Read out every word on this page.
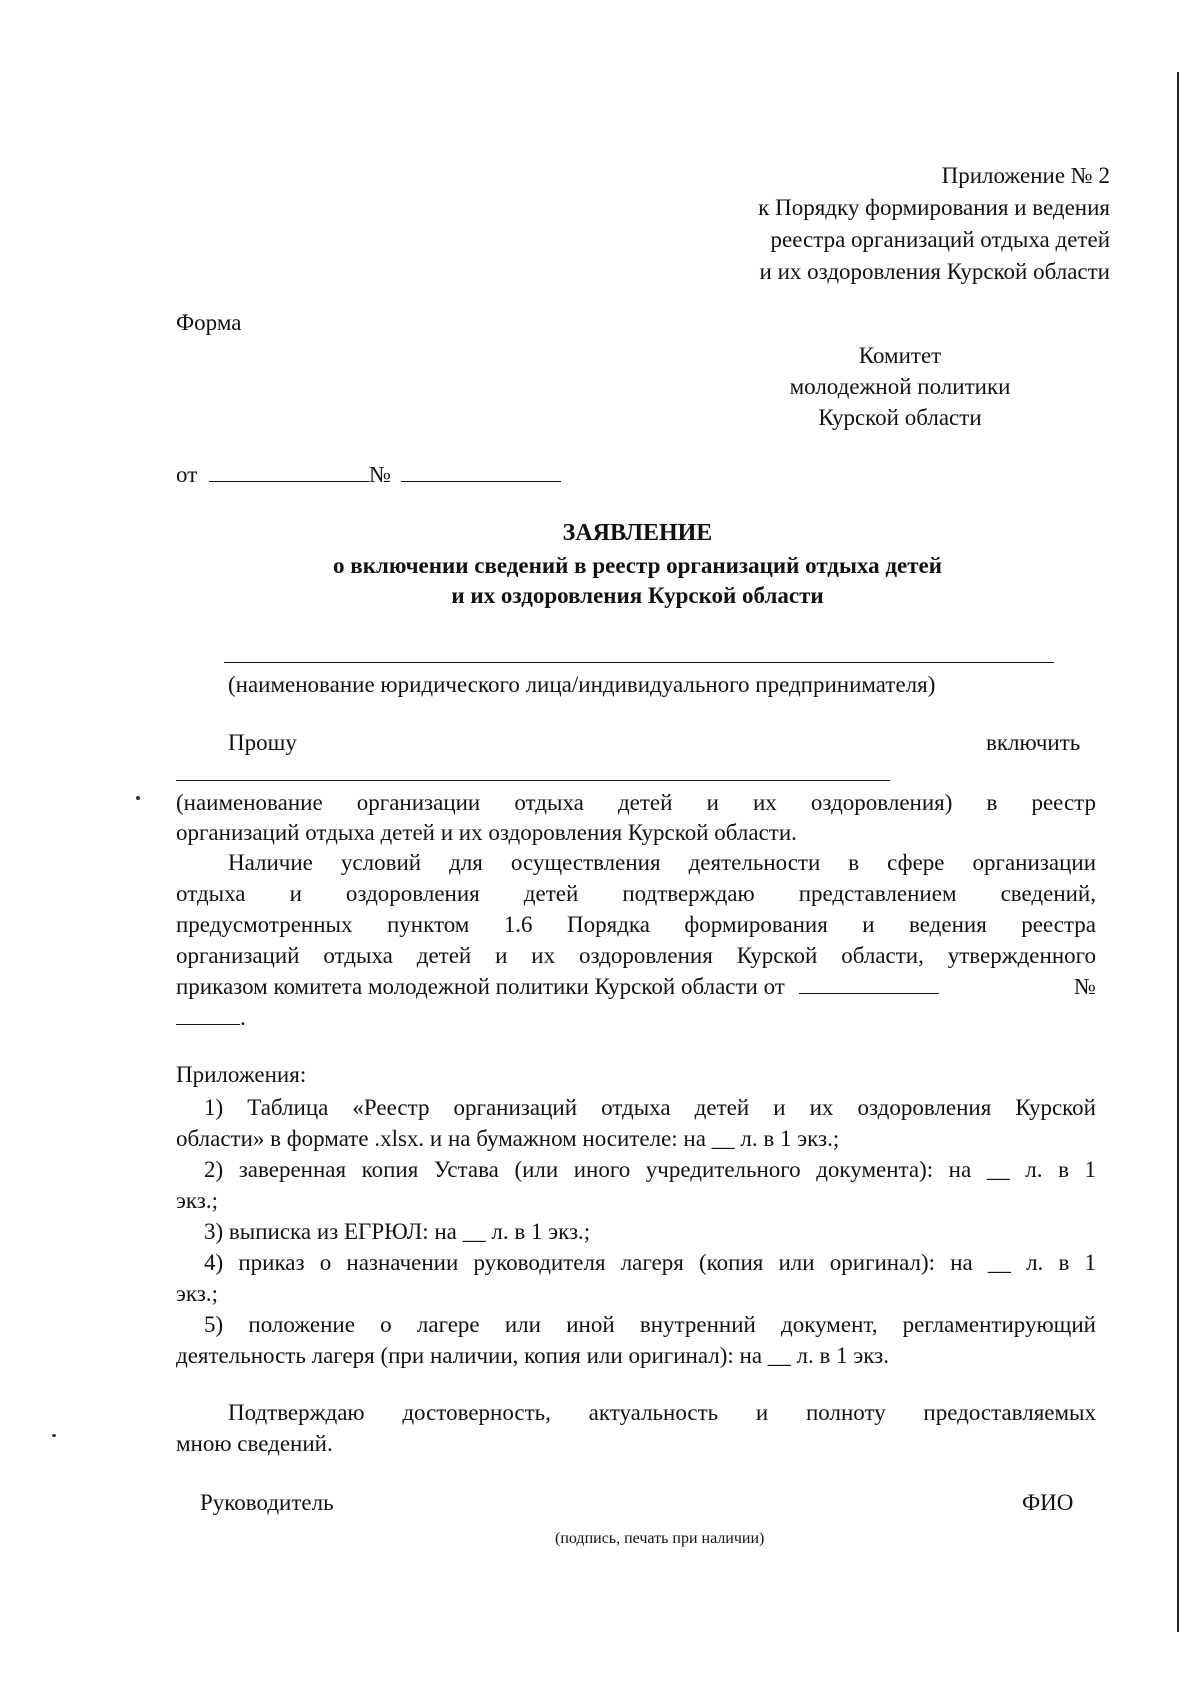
Приложение № 2
к Порядку формирования и ведения
реестра организаций отдыха детей
и их оздоровления Курской области
Форма
Комитет
молодежной политики
Курской области
от	№
ЗАЯВЛЕНИЕ
о включении сведений в реестр организаций отдыха детей
и их оздоровления Курской области
(наименование юридического лица/индивидуального предпринимателя)
Прошу	включить
(наименование организации отдыха детей и их оздоровления) в реестр
организаций отдыха детей и их оздоровления Курской области.
Наличие условий для осуществления деятельности в сфере организации
отдыха и оздоровления детей подтверждаю представлением сведений,
предусмотренных пунктом 1.6 Порядка формирования и ведения реестра
организаций отдыха детей и их оздоровления Курской области, утвержденного
приказом комитета молодежной политики Курской области от	№
.
Приложения:
1) Таблица «Реестр организаций отдыха детей и их оздоровления Курской
области» в формате .xlsx. и на бумажном носителе: на __ л. в 1 экз.;
2) заверенная копия Устава (или иного учредительного документа): на __ л. в 1
экз.;
3) выписка из ЕГРЮЛ: на __ л. в 1 экз.;
4) приказ о назначении руководителя лагеря (копия или оригинал): на __ л. в 1
экз.;
5) положение о лагере или иной внутренний документ, регламентирующий
деятельность лагеря (при наличии, копия или оригинал): на __ л. в 1 экз.
Подтверждаю достоверность, актуальность и полноту предоставляемых
мною сведений.
Руководитель	ФИО
(подпись, печать при наличии)
